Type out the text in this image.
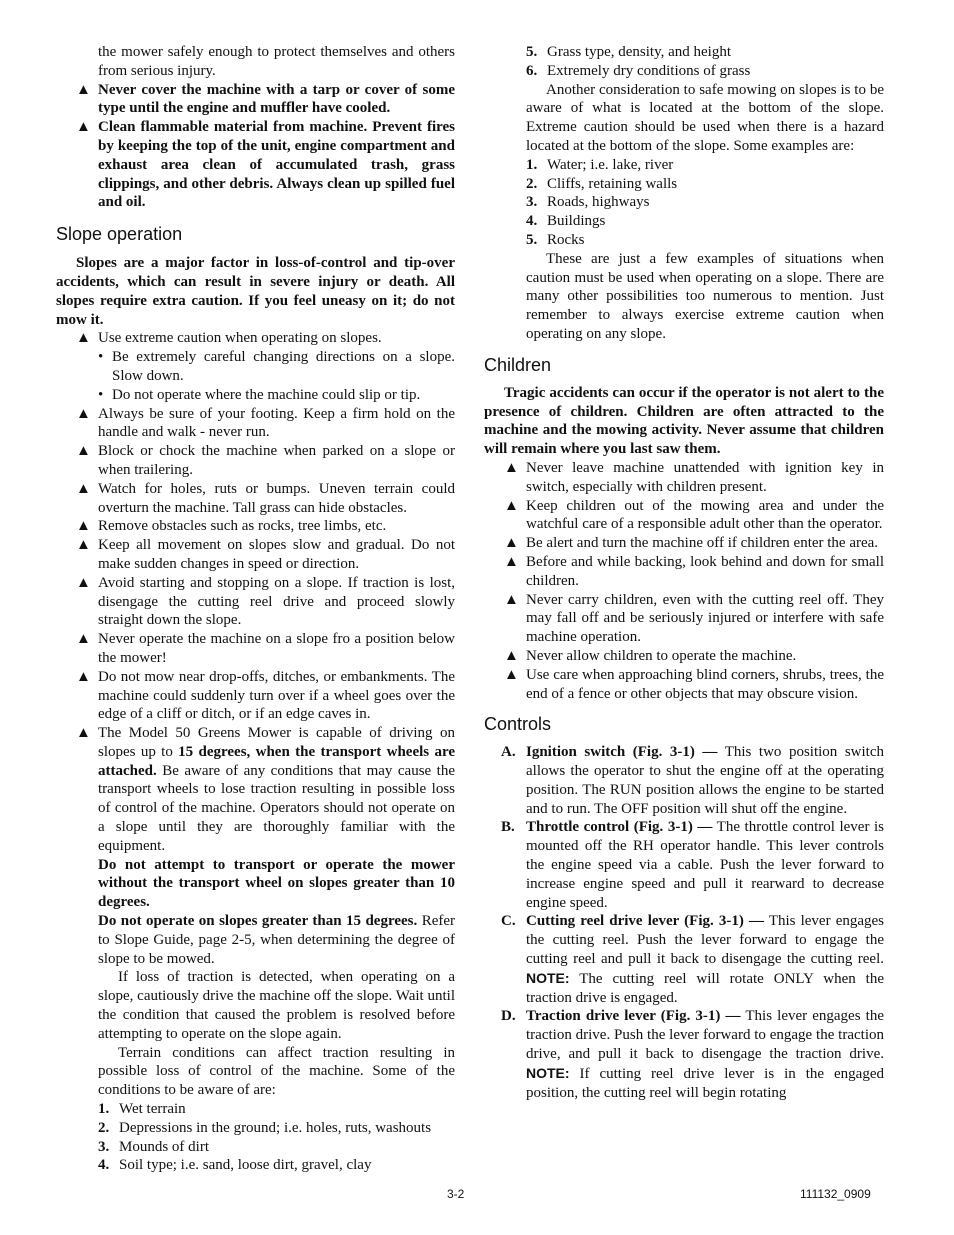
the mower safely enough to protect themselves and others from serious injury.

▲ Never cover the machine with a tarp or cover of some type until the engine and muffler have cooled.
▲ Clean flammable material from machine. Prevent fires by keeping the top of the unit, engine compartment and exhaust area clean of accumulated trash, grass clippings, and other debris. Always clean up spilled fuel and oil.
Slope operation

Slopes are a major factor in loss-of-control and tip-over accidents, which can result in severe injury or death. All slopes require extra caution. If you feel uneasy on it; do not mow it.

▲ Use extreme caution when operating on slopes.
• Be extremely careful changing directions on a slope. Slow down.
• Do not operate where the machine could slip or tip.
▲ Always be sure of your footing. Keep a firm hold on the handle and walk - never run.
▲ Block or chock the machine when parked on a slope or when trailering.
▲ Watch for holes, ruts or bumps. Uneven terrain could overturn the machine. Tall grass can hide obstacles.
▲ Remove obstacles such as rocks, tree limbs, etc.
▲ Keep all movement on slopes slow and gradual. Do not make sudden changes in speed or direction.
▲ Avoid starting and stopping on a slope. If traction is lost, disengage the cutting reel drive and proceed slowly straight down the slope.
▲ Never operate the machine on a slope fro a position below the mower!
▲ Do not mow near drop-offs, ditches, or embankments. The machine could suddenly turn over if a wheel goes over the edge of a cliff or ditch, or if an edge caves in.
▲ The Model 50 Greens Mower is capable of driving on slopes up to 15 degrees, when the transport wheels are attached. Be aware of any conditions that may cause the transport wheels to lose traction resulting in possible loss of control of the machine. Operators should not operate on a slope until they are thoroughly familiar with the equipment.

Do not attempt to transport or operate the mower without the transport wheel on slopes greater than 10 degrees.

Do not operate on slopes greater than 15 degrees. Refer to Slope Guide, page 2-5, when determining the degree of slope to be mowed.

If loss of traction is detected, when operating on a slope, cautiously drive the machine off the slope. Wait until the condition that caused the problem is resolved before attempting to operate on the slope again.

Terrain conditions can affect traction resulting in possible loss of control of the machine. Some of the conditions to be aware of are:

1. Wet terrain
2. Depressions in the ground; i.e. holes, ruts, washouts
3. Mounds of dirt
4. Soil type; i.e. sand, loose dirt, gravel, clay
5. Grass type, density, and height
6. Extremely dry conditions of grass

Another consideration to safe mowing on slopes is to be aware of what is located at the bottom of the slope. Extreme caution should be used when there is a hazard located at the bottom of the slope. Some examples are:

1. Water; i.e. lake, river
2. Cliffs, retaining walls
3. Roads, highways
4. Buildings
5. Rocks

These are just a few examples of situations when caution must be used when operating on a slope. There are many other possibilities too numerous to mention. Just remember to always exercise extreme caution when operating on any slope.

Children

Tragic accidents can occur if the operator is not alert to the presence of children. Children are often attracted to the machine and the mowing activity. Never assume that children will remain where you last saw them.

▲ Never leave machine unattended with ignition key in switch, especially with children present.
▲ Keep children out of the mowing area and under the watchful care of a responsible adult other than the operator.
▲ Be alert and turn the machine off if children enter the area.
▲ Before and while backing, look behind and down for small children.
▲ Never carry children, even with the cutting reel off. They may fall off and be seriously injured or interfere with safe machine operation.
▲ Never allow children to operate the machine.
▲ Use care when approaching blind corners, shrubs, trees, the end of a fence or other objects that may obscure vision.
Controls
A. Ignition switch (Fig. 3-1) — This two position switch allows the operator to shut the engine off at the operating position. The RUN position allows the engine to be started and to run. The OFF position will shut off the engine.
B. Throttle control (Fig. 3-1) — The throttle control lever is mounted off the RH operator handle. This lever controls the engine speed via a cable. Push the lever forward to increase engine speed and pull it rearward to decrease engine speed.
C. Cutting reel drive lever (Fig. 3-1) — This lever engages the cutting reel. Push the lever forward to engage the cutting reel and pull it back to disengage the cutting reel. NOTE: The cutting reel will rotate ONLY when the traction drive is engaged.
D. Traction drive lever (Fig. 3-1) — This lever engages the traction drive. Push the lever forward to engage the traction drive, and pull it back to disengage the traction drive. NOTE: If cutting reel drive lever is in the engaged position, the cutting reel will begin rotating
3-2	111132_0909
